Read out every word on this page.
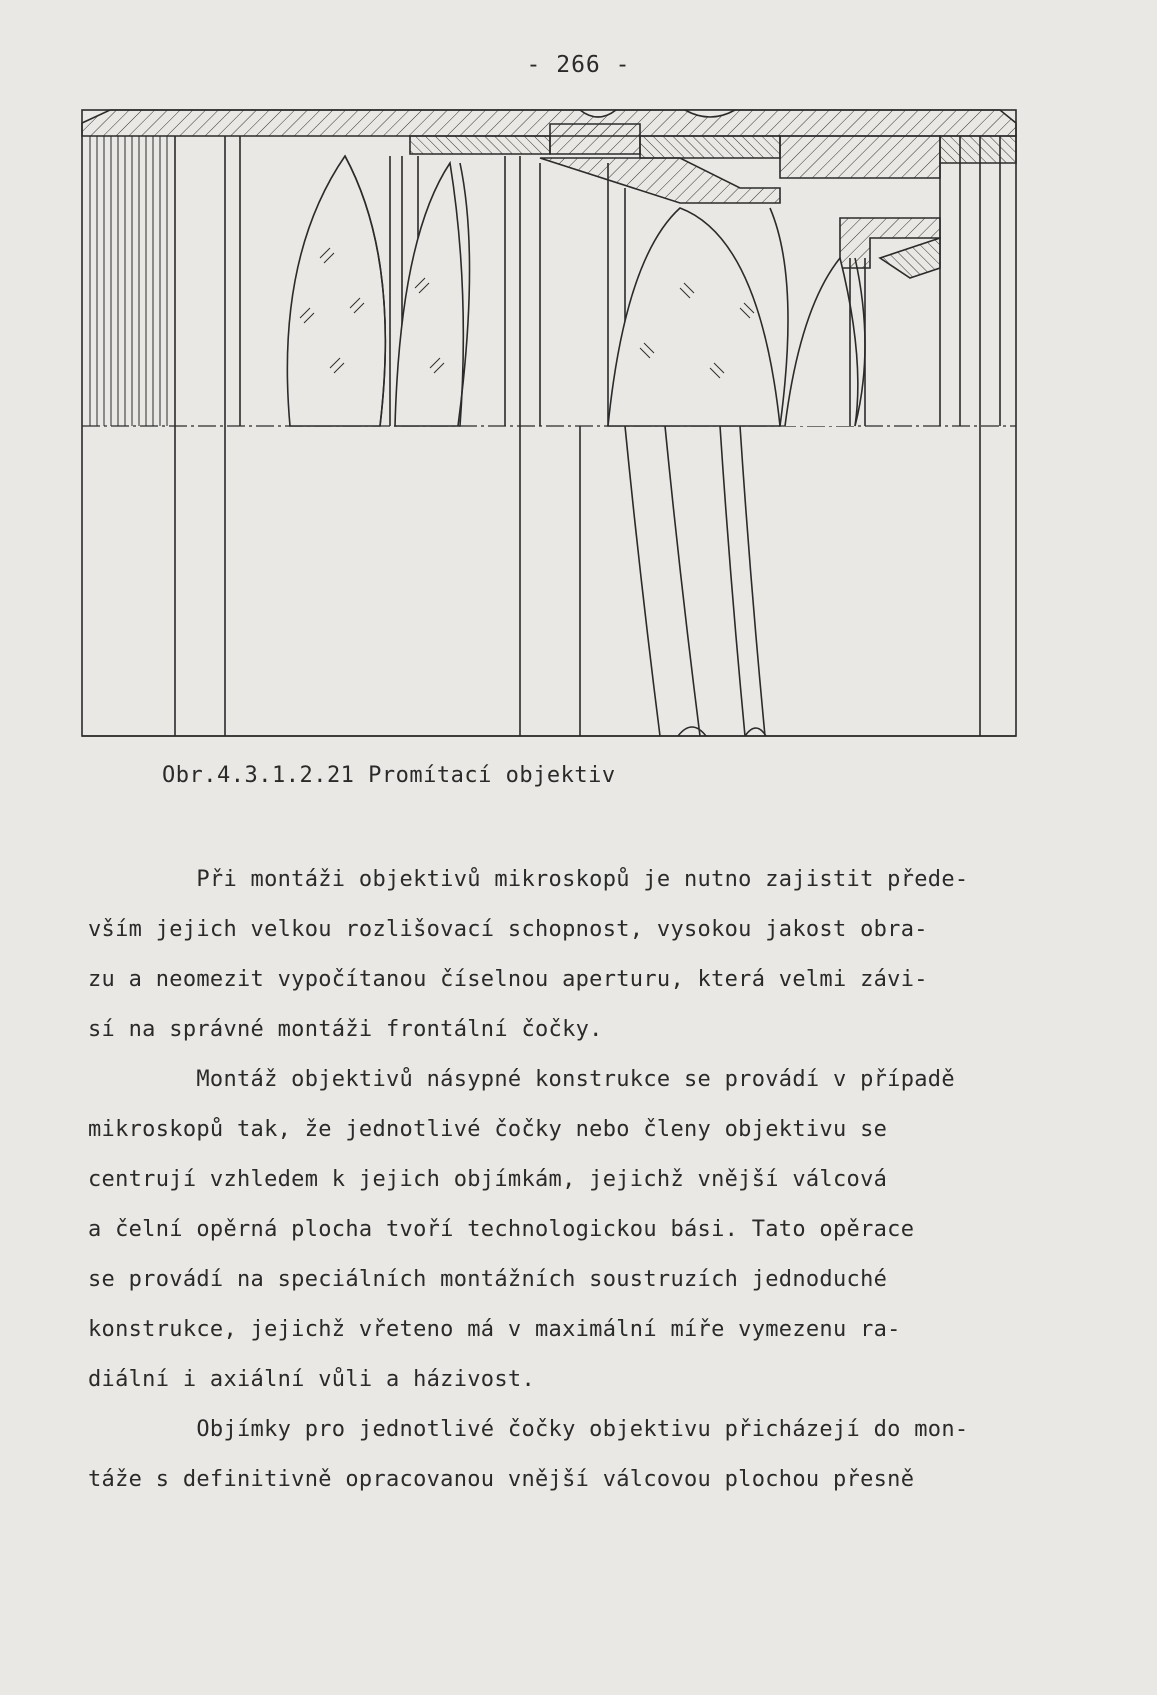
- 266 -
Obr.4.3.1.2.21 Promítací objektiv
Při montáži objektivů mikroskopů je nutno zajistit přede-
vším jejich velkou rozlišovací schopnost, vysokou jakost obra-
zu a neomezit vypočítanou číselnou aperturu, která velmi závi-
sí na správné montáži frontální čočky.
Montáž objektivů násypné konstrukce se provádí v případě
mikroskopů tak, že jednotlivé čočky nebo členy objektivu se
centrují vzhledem k jejich objímkám, jejichž vnější válcová
a čelní opěrná plocha tvoří technologickou bási. Tato opěrace
se provádí na speciálních montážních soustruzích jednoduché
konstrukce, jejichž vřeteno má v maximální míře vymezenu ra-
diální i axiální vůli a házivost.
Objímky pro jednotlivé čočky objektivu přicházejí do mon-
táže s definitivně opracovanou vnější válcovou plochou přesně
